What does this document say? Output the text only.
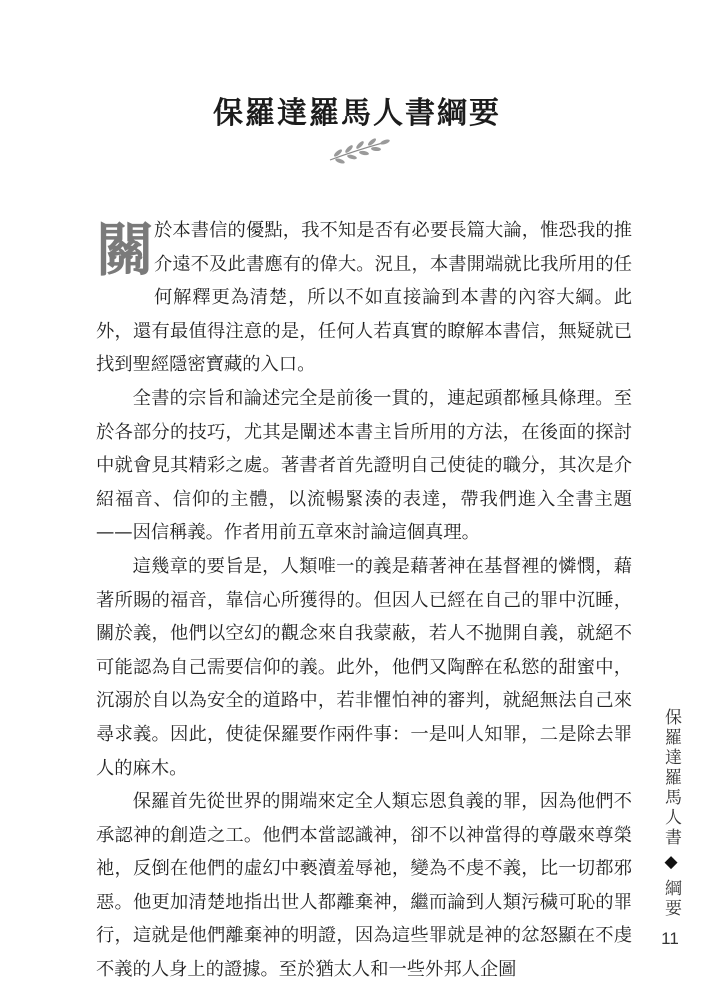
保羅達羅馬人書綱要

關於本書信的優點，我不知是否有必要長篇大論，惟恐我的推介遠不及此書應有的偉大。況且，本書開端就比我所用的任何解釋更為清楚，所以不如直接論到本書的內容大綱。此外，還有最值得注意的是，任何人若真實的瞭解本書信，無疑就已找到聖經隱密寶藏的入口。

全書的宗旨和論述完全是前後一貫的，連起頭都極具條理。至於各部分的技巧，尤其是闡述本書主旨所用的方法，在後面的探討中就會見其精彩之處。著書者首先證明自己使徒的職分，其次是介紹福音、信仰的主體，以流暢緊湊的表達，帶我們進入全書主題——因信稱義。作者用前五章來討論這個真理。

這幾章的要旨是，人類唯一的義是藉著神在基督裡的憐憫，藉著所賜的福音，靠信心所獲得的。但因人已經在自己的罪中沉睡，關於義，他們以空幻的觀念來自我蒙蔽，若人不拋開自義，就絕不可能認為自己需要信仰的義。此外，他們又陶醉在私慾的甜蜜中，沉溺於自以為安全的道路中，若非懼怕神的審判，就絕無法自己來尋求義。因此，使徒保羅要作兩件事：一是叫人知罪，二是除去罪人的麻木。

保羅首先從世界的開端來定全人類忘恩負義的罪，因為他們不承認神的創造之工。他們本當認識神，卻不以神當得的尊嚴來尊榮祂，反倒在他們的虛幻中褻瀆羞辱祂，變為不虔不義，比一切都邪惡。他更加清楚地指出世人都離棄神，繼而論到人類污穢可恥的罪行，這就是他們離棄神的明證，因為這些罪就是神的忿怒顯在不虔不義的人身上的證據。至於猶太人和一些外邦人企圖

保羅達羅馬人書◆綱要
11
